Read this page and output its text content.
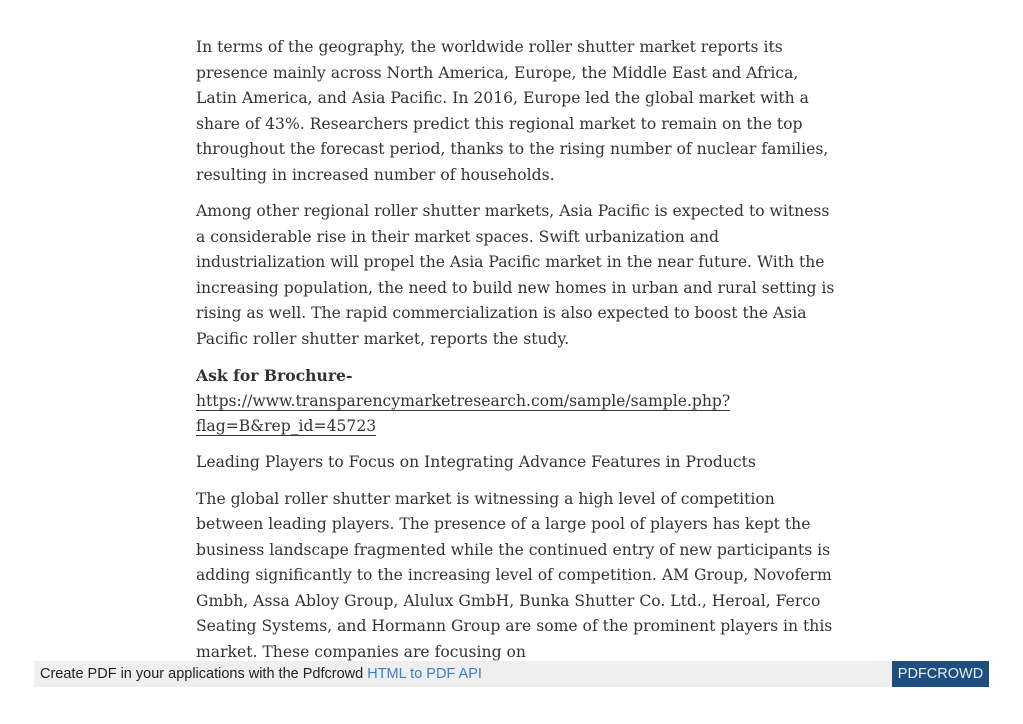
In terms of the geography, the worldwide roller shutter market reports its presence mainly across North America, Europe, the Middle East and Africa, Latin America, and Asia Pacific. In 2016, Europe led the global market with a share of 43%. Researchers predict this regional market to remain on the top throughout the forecast period, thanks to the rising number of nuclear families, resulting in increased number of households.

Among other regional roller shutter markets, Asia Pacific is expected to witness a considerable rise in their market spaces. Swift urbanization and industrialization will propel the Asia Pacific market in the near future. With the increasing population, the need to build new homes in urban and rural setting is rising as well. The rapid commercialization is also expected to boost the Asia Pacific roller shutter market, reports the study.

Ask for Brochure-
https://www.transparencymarketresearch.com/sample/sample.php?
flag=B&rep_id=45723

Leading Players to Focus on Integrating Advance Features in Products

The global roller shutter market is witnessing a high level of competition between leading players. The presence of a large pool of players has kept the business landscape fragmented while the continued entry of new participants is adding significantly to the increasing level of competition. AM Group, Novoferm Gmbh, Assa Abloy Group, Alulux GmbH, Bunka Shutter Co. Ltd., Heroal, Ferco Seating Systems, and Hormann Group are some of the prominent players in this market. These companies are focusing on

Create PDF in your applications with the Pdfcrowd HTML to PDF API	PDFCROWD
